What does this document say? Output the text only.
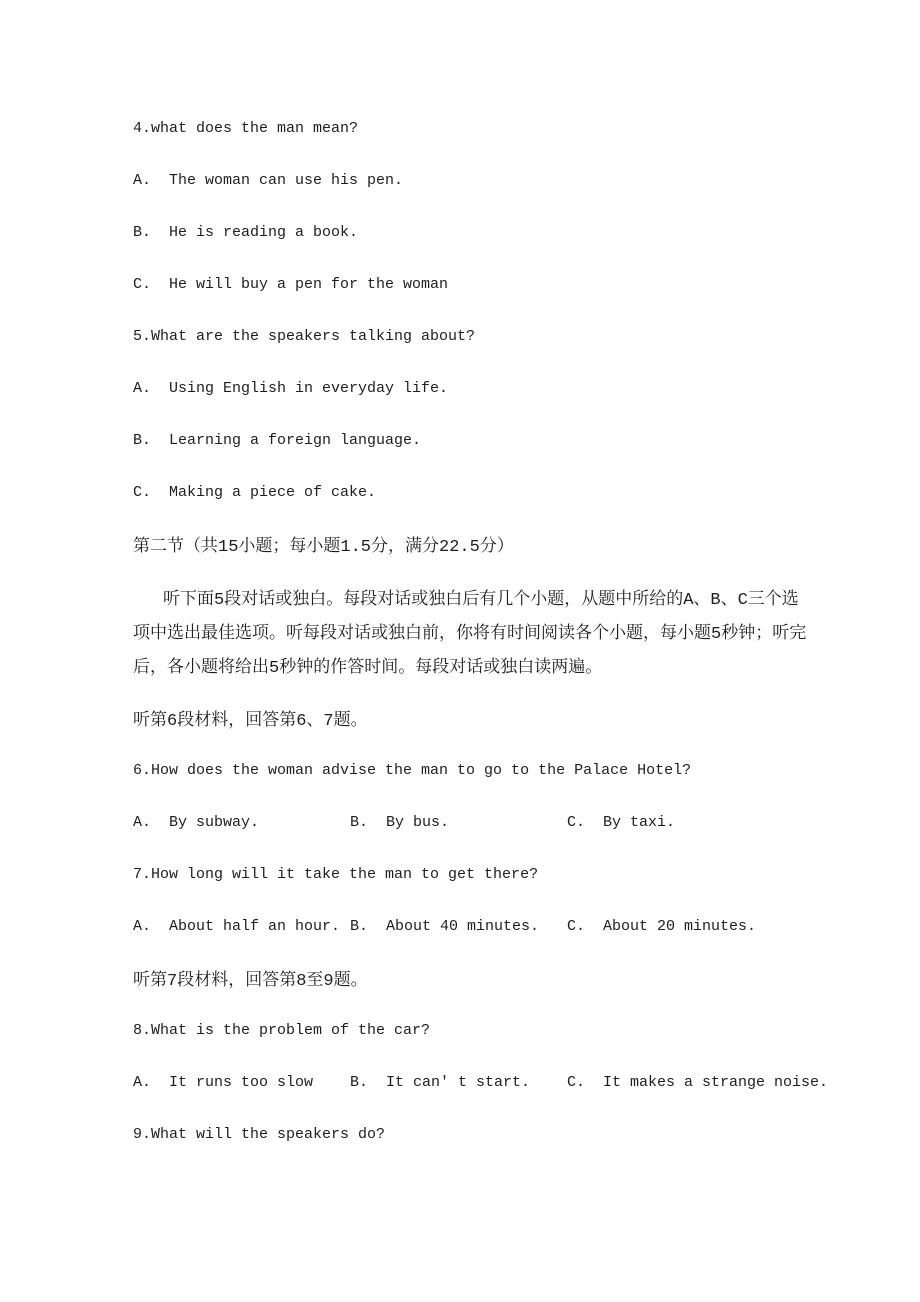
4.what does the man mean?
A.  The woman can use his pen.
B.  He is reading a book.
C.  He will buy a pen for the woman
5.What are the speakers talking about?
A.  Using English in everyday life.
B.  Learning a foreign language.
C.  Making a piece of cake.
第二节（共15小题；每小题1.5分，满分22.5分）
听下面5段对话或独白。每段对话或独白后有几个小题，从题中所给的A、B、C三个选
项中选出最佳选项。听每段对话或独白前，你将有时间阅读各个小题，每小题5秒钟；听完
后，各小题将给出5秒钟的作答时间。每段对话或独白读两遍。
听第6段材料，回答第6、7题。
6.How does the woman advise the man to go to the Palace Hotel?
A.  By subway.	B.  By bus.	C.  By taxi.
7.How long will it take the man to get there?
A.  About half an hour. B.  About 40 minutes.	C.  About 20 minutes.
听第7段材料，回答第8至9题。
8.What is the problem of the car?
A.  It runs too slow	B.  It can' t start.	C.  It makes a strange noise.
9.What will the speakers do?
